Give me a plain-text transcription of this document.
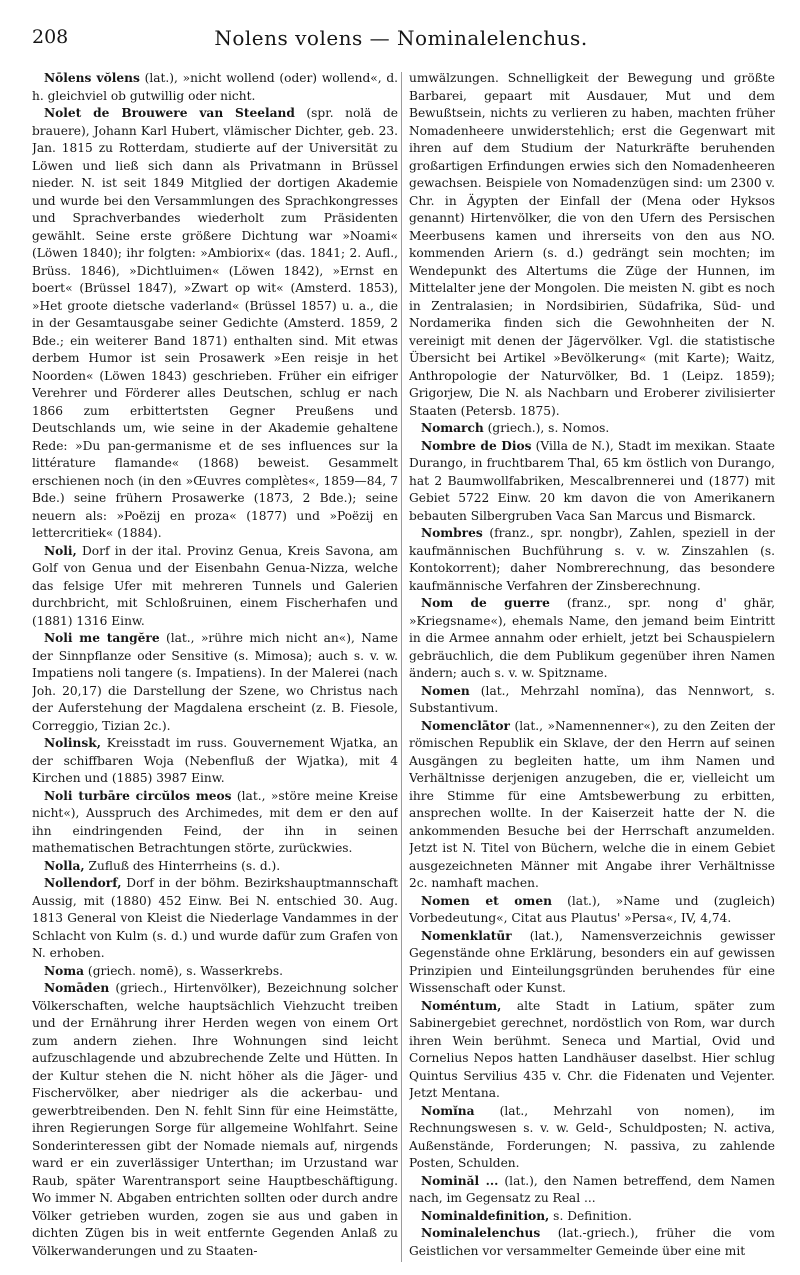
208	Nolens volens — Nominalelenchus.

Nōlens vŏlens (lat.), »nicht wollend (oder) wollend«, d. h. gleichviel ob gutwillig oder nicht.

Nolet de Brouwere van Steeland (spr. nolä de brauere), Johann Karl Hubert, vlämischer Dichter, geb. 23. Jan. 1815 zu Rotterdam, studierte auf der Universität zu Löwen und ließ sich dann als Privatmann in Brüssel nieder. N. ist seit 1849 Mitglied der dortigen Akademie und wurde bei den Versammlungen des Sprachkongresses und Sprachverbandes wiederholt zum Präsidenten gewählt. Seine erste größere Dichtung war »Noami« (Löwen 1840); ihr folgten: »Ambiorix« (das. 1841; 2. Aufl., Brüss. 1846), »Dichtluimen« (Löwen 1842), »Ernst en boert« (Brüssel 1847), »Zwart op wit« (Amsterd. 1853), »Het groote dietsche vaderland« (Brüssel 1857) u. a., die in der Gesamtausgabe seiner Gedichte (Amsterd. 1859, 2 Bde.; ein weiterer Band 1871) enthalten sind. Mit etwas derbem Humor ist sein Prosawerk »Een reisje in het Noorden« (Löwen 1843) geschrieben. Früher ein eifriger Verehrer und Förderer alles Deutschen, schlug er nach 1866 zum erbittertsten Gegner Preußens und Deutschlands um, wie seine in der Akademie gehaltene Rede: »Du pan-germanisme et de ses influences sur la littérature flamande« (1868) beweist. Gesammelt erschienen noch (in den »Œuvres complètes«, 1859—84, 7 Bde.) seine frühern Prosawerke (1873, 2 Bde.); seine neuern als: »Poëzij en proza« (1877) und »Poëzij en lettercritiek« (1884).

Noli, Dorf in der ital. Provinz Genua, Kreis Savona, am Golf von Genua und der Eisenbahn Genua-Nizza, welche das felsige Ufer mit mehreren Tunnels und Galerien durchbricht, mit Schloßruinen, einem Fischerhafen und (1881) 1316 Einw.

Noli me tangĕre (lat., »rühre mich nicht an«), Name der Sinnpflanze oder Sensitive (s. Mimosa); auch s. v. w. Impatiens noli tangere (s. Impatiens). In der Malerei (nach Joh. 20,17) die Darstellung der Szene, wo Christus nach der Auferstehung der Magdalena erscheint (z. B. Fiesole, Correggio, Tizian 2c.).

Nolinsk, Kreisstadt im russ. Gouvernement Wjatka, an der schiffbaren Woja (Nebenfluß der Wjatka), mit 4 Kirchen und (1885) 3987 Einw.

Noli turbāre circŭlos meos (lat., »störe meine Kreise nicht«), Ausspruch des Archimedes, mit dem er den auf ihn eindringenden Feind, der ihn in seinen mathematischen Betrachtungen störte, zurückwies.

Nolla, Zufluß des Hinterrheins (s. d.).

Nollendorf, Dorf in der böhm. Bezirkshauptmannschaft Aussig, mit (1880) 452 Einw. Bei N. entschied 30. Aug. 1813 General von Kleist die Niederlage Vandammes in der Schlacht von Kulm (s. d.) und wurde dafür zum Grafen von N. erhoben.

Noma (griech. nomē), s. Wasserkrebs.

Nomāden (griech., Hirtenvölker), Bezeichnung solcher Völkerschaften, welche hauptsächlich Viehzucht treiben und der Ernährung ihrer Herden wegen von einem Ort zum andern ziehen. Ihre Wohnungen sind leicht aufzuschlagende und abzubrechende Zelte und Hütten. In der Kultur stehen die N. nicht höher als die Jäger- und Fischervölker, aber niedriger als die ackerbau- und gewerbtreibenden. Den N. fehlt Sinn für eine Heimstätte, ihren Regierungen Sorge für allgemeine Wohlfahrt. Seine Sonderinteressen gibt der Nomade niemals auf, nirgends ward er ein zuverlässiger Unterthan; im Urzustand war Raub, später Warentransport seine Hauptbeschäftigung. Wo immer N. Abgaben entrichten sollten oder durch andre Völker getrieben wurden, zogen sie aus und gaben in dichten Zügen bis in weit entfernte Gegenden Anlaß zu Völkerwanderungen und zu Staaten-

umwälzungen. Schnelligkeit der Bewegung und größte Barbarei, gepaart mit Ausdauer, Mut und dem Bewußtsein, nichts zu verlieren zu haben, machten früher Nomadenheere unwiderstehlich; erst die Gegenwart mit ihren auf dem Studium der Naturkräfte beruhenden großartigen Erfindungen erwies sich den Nomadenheeren gewachsen. Beispiele von Nomadenzügen sind: um 2300 v. Chr. in Ägypten der Einfall der (Mena oder Hyksos genannt) Hirtenvölker, die von den Ufern des Persischen Meerbusens kamen und ihrerseits von den aus NO. kommenden Ariern (s. d.) gedrängt sein mochten; im Wendepunkt des Altertums die Züge der Hunnen, im Mittelalter jene der Mongolen. Die meisten N. gibt es noch in Zentralasien; in Nordsibirien, Südafrika, Süd- und Nordamerika finden sich die Gewohnheiten der N. vereinigt mit denen der Jägervölker. Vgl. die statistische Übersicht bei Artikel »Bevölkerung« (mit Karte); Waitz, Anthropologie der Naturvölker, Bd. 1 (Leipz. 1859); Grigorjew, Die N. als Nachbarn und Eroberer zivilisierter Staaten (Petersb. 1875).

Nomarch (griech.), s. Nomos.

Nombre de Dios (Villa de N.), Stadt im mexikan. Staate Durango, in fruchtbarem Thal, 65 km östlich von Durango, hat 2 Baumwollfabriken, Mescalbrennerei und (1877) mit Gebiet 5722 Einw. 20 km davon die von Amerikanern bebauten Silbergruben Vaca San Marcus und Bismarck.

Nombres (franz., spr. nongbr), Zahlen, speziell in der kaufmännischen Buchführung s. v. w. Zinszahlen (s. Kontokorrent); daher Nombrerechnung, das besondere kaufmännische Verfahren der Zinsberechnung.

Nom de guerre (franz., spr. nong d' ghär, »Kriegsname«), ehemals Name, den jemand beim Eintritt in die Armee annahm oder erhielt, jetzt bei Schauspielern gebräuchlich, die dem Publikum gegenüber ihren Namen ändern; auch s. v. w. Spitzname.

Nomen (lat., Mehrzahl nomĭna), das Nennwort, s. Substantivum.

Nomenclātor (lat., »Namennenner«), zu den Zeiten der römischen Republik ein Sklave, der den Herrn auf seinen Ausgängen zu begleiten hatte, um ihm Namen und Verhältnisse derjenigen anzugeben, die er, vielleicht um ihre Stimme für eine Amtsbewerbung zu erbitten, ansprechen wollte. In der Kaiserzeit hatte der N. die ankommenden Besuche bei der Herrschaft anzumelden. Jetzt ist N. Titel von Büchern, welche die in einem Gebiet ausgezeichneten Männer mit Angabe ihrer Verhältnisse 2c. namhaft machen.

Nomen et omen (lat.), »Name und (zugleich) Vorbedeutung«, Citat aus Plautus' »Persa«, IV, 4,74.

Nomenklatūr (lat.), Namensverzeichnis gewisser Gegenstände ohne Erklärung, besonders ein auf gewissen Prinzipien und Einteilungsgründen beruhendes für eine Wissenschaft oder Kunst.

Noméntum, alte Stadt in Latium, später zum Sabinergebiet gerechnet, nordöstlich von Rom, war durch ihren Wein berühmt. Seneca und Martial, Ovid und Cornelius Nepos hatten Landhäuser daselbst. Hier schlug Quintus Servilius 435 v. Chr. die Fidenaten und Vejenter. Jetzt Mentana.

Nomĭna (lat., Mehrzahl von nomen), im Rechnungswesen s. v. w. Geld-, Schuldposten; N. activa, Außenstände, Forderungen; N. passiva, zu zahlende Posten, Schulden.

Nominăl ... (lat.), den Namen betreffend, dem Namen nach, im Gegensatz zu Real ...

Nominaldefinition, s. Definition.

Nominalelenchus (lat.-griech.), früher die vom Geistlichen vor versammelter Gemeinde über eine mit
